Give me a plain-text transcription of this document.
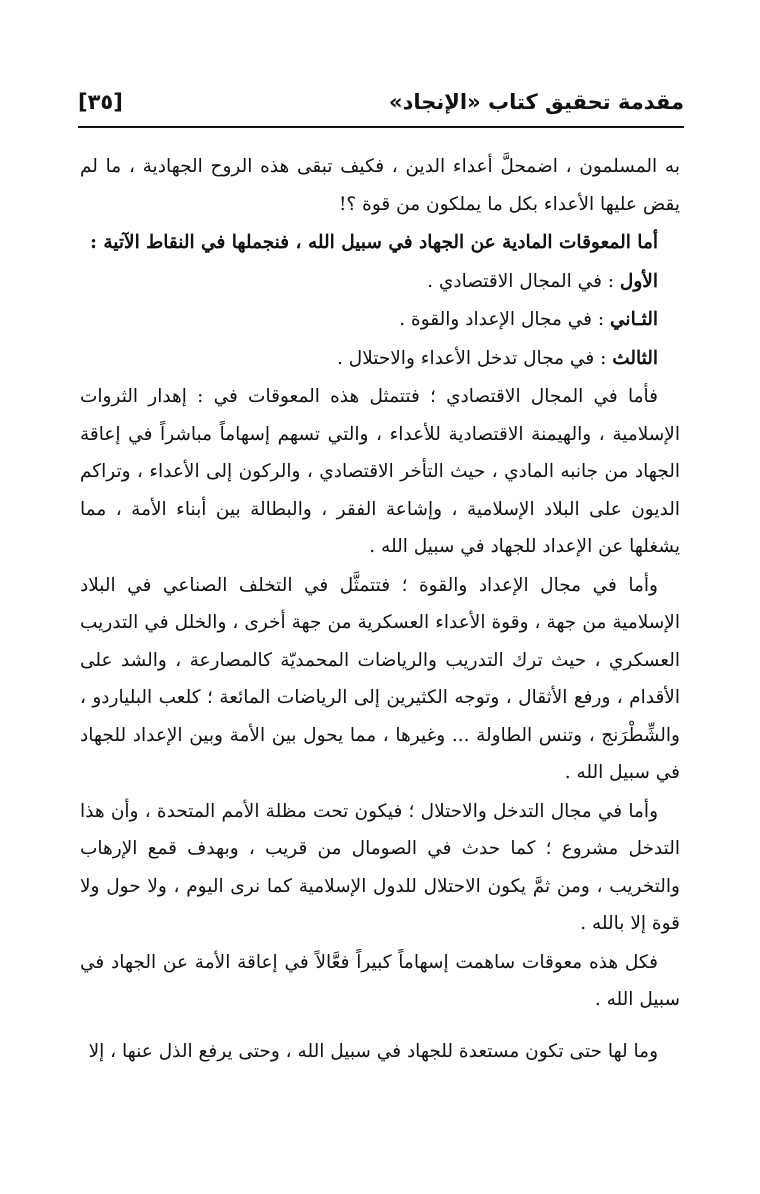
مقدمة تحقيق كتاب «الإنجاد»
[٣٥]

به المسلمون ، اضمحلَّ أعداء الدين ، فكيف تبقى هذه الروح الجهادية ، ما لم يقض عليها الأعداء بكل ما يملكون من قوة ؟!

أما المعوقات المادية عن الجهاد في سبيل الله ، فنجملها في النقاط الآتية :

الأول : في المجال الاقتصادي .

الثـاني : في مجال الإعداد والقوة .

الثالث : في مجال تدخل الأعداء والاحتلال .

فأما في المجال الاقتصادي ؛ فتتمثل هذه المعوقات في : إهدار الثروات الإسلامية ، والهيمنة الاقتصادية للأعداء ، والتي تسهم إسهاماً مباشراً في إعاقة الجهاد من جانبه المادي ، حيث التأخر الاقتصادي ، والركون إلى الأعداء ، وتراكم الديون على البلاد الإسلامية ، وإشاعة الفقر ، والبطالة بين أبناء الأمة ، مما يشغلها عن الإعداد للجهاد في سبيل الله .

وأما في مجال الإعداد والقوة ؛ فتتمثَّل في التخلف الصناعي في البلاد الإسلامية من جهة ، وقوة الأعداء العسكرية من جهة أخرى ، والخلل في التدريب العسكري ، حيث ترك التدريب والرياضات المحمديّة كالمصارعة ، والشد على الأقدام ، ورفع الأثقال ، وتوجه الكثيرين إلى الرياضات المائعة ؛ كلعب البلياردو ، والشِّطْرَنج ، وتنس الطاولة ... وغيرها ، مما يحول بين الأمة وبين الإعداد للجهاد في سبيل الله .

وأما في مجال التدخل والاحتلال ؛ فيكون تحت مظلة الأمم المتحدة ، وأن هذا التدخل مشروع ؛ كما حدث في الصومال من قريب ، وبهدف قمع الإرهاب والتخريب ، ومن ثمَّ يكون الاحتلال للدول الإسلامية كما نرى اليوم ، ولا حول ولا قوة إلا بالله .

فكل هذه معوقات ساهمت إسهاماً كبيراً فعَّالاً في إعاقة الأمة عن الجهاد في سبيل الله .

وما لها حتى تكون مستعدة للجهاد في سبيل الله ، وحتى يرفع الذل عنها ، إلا
